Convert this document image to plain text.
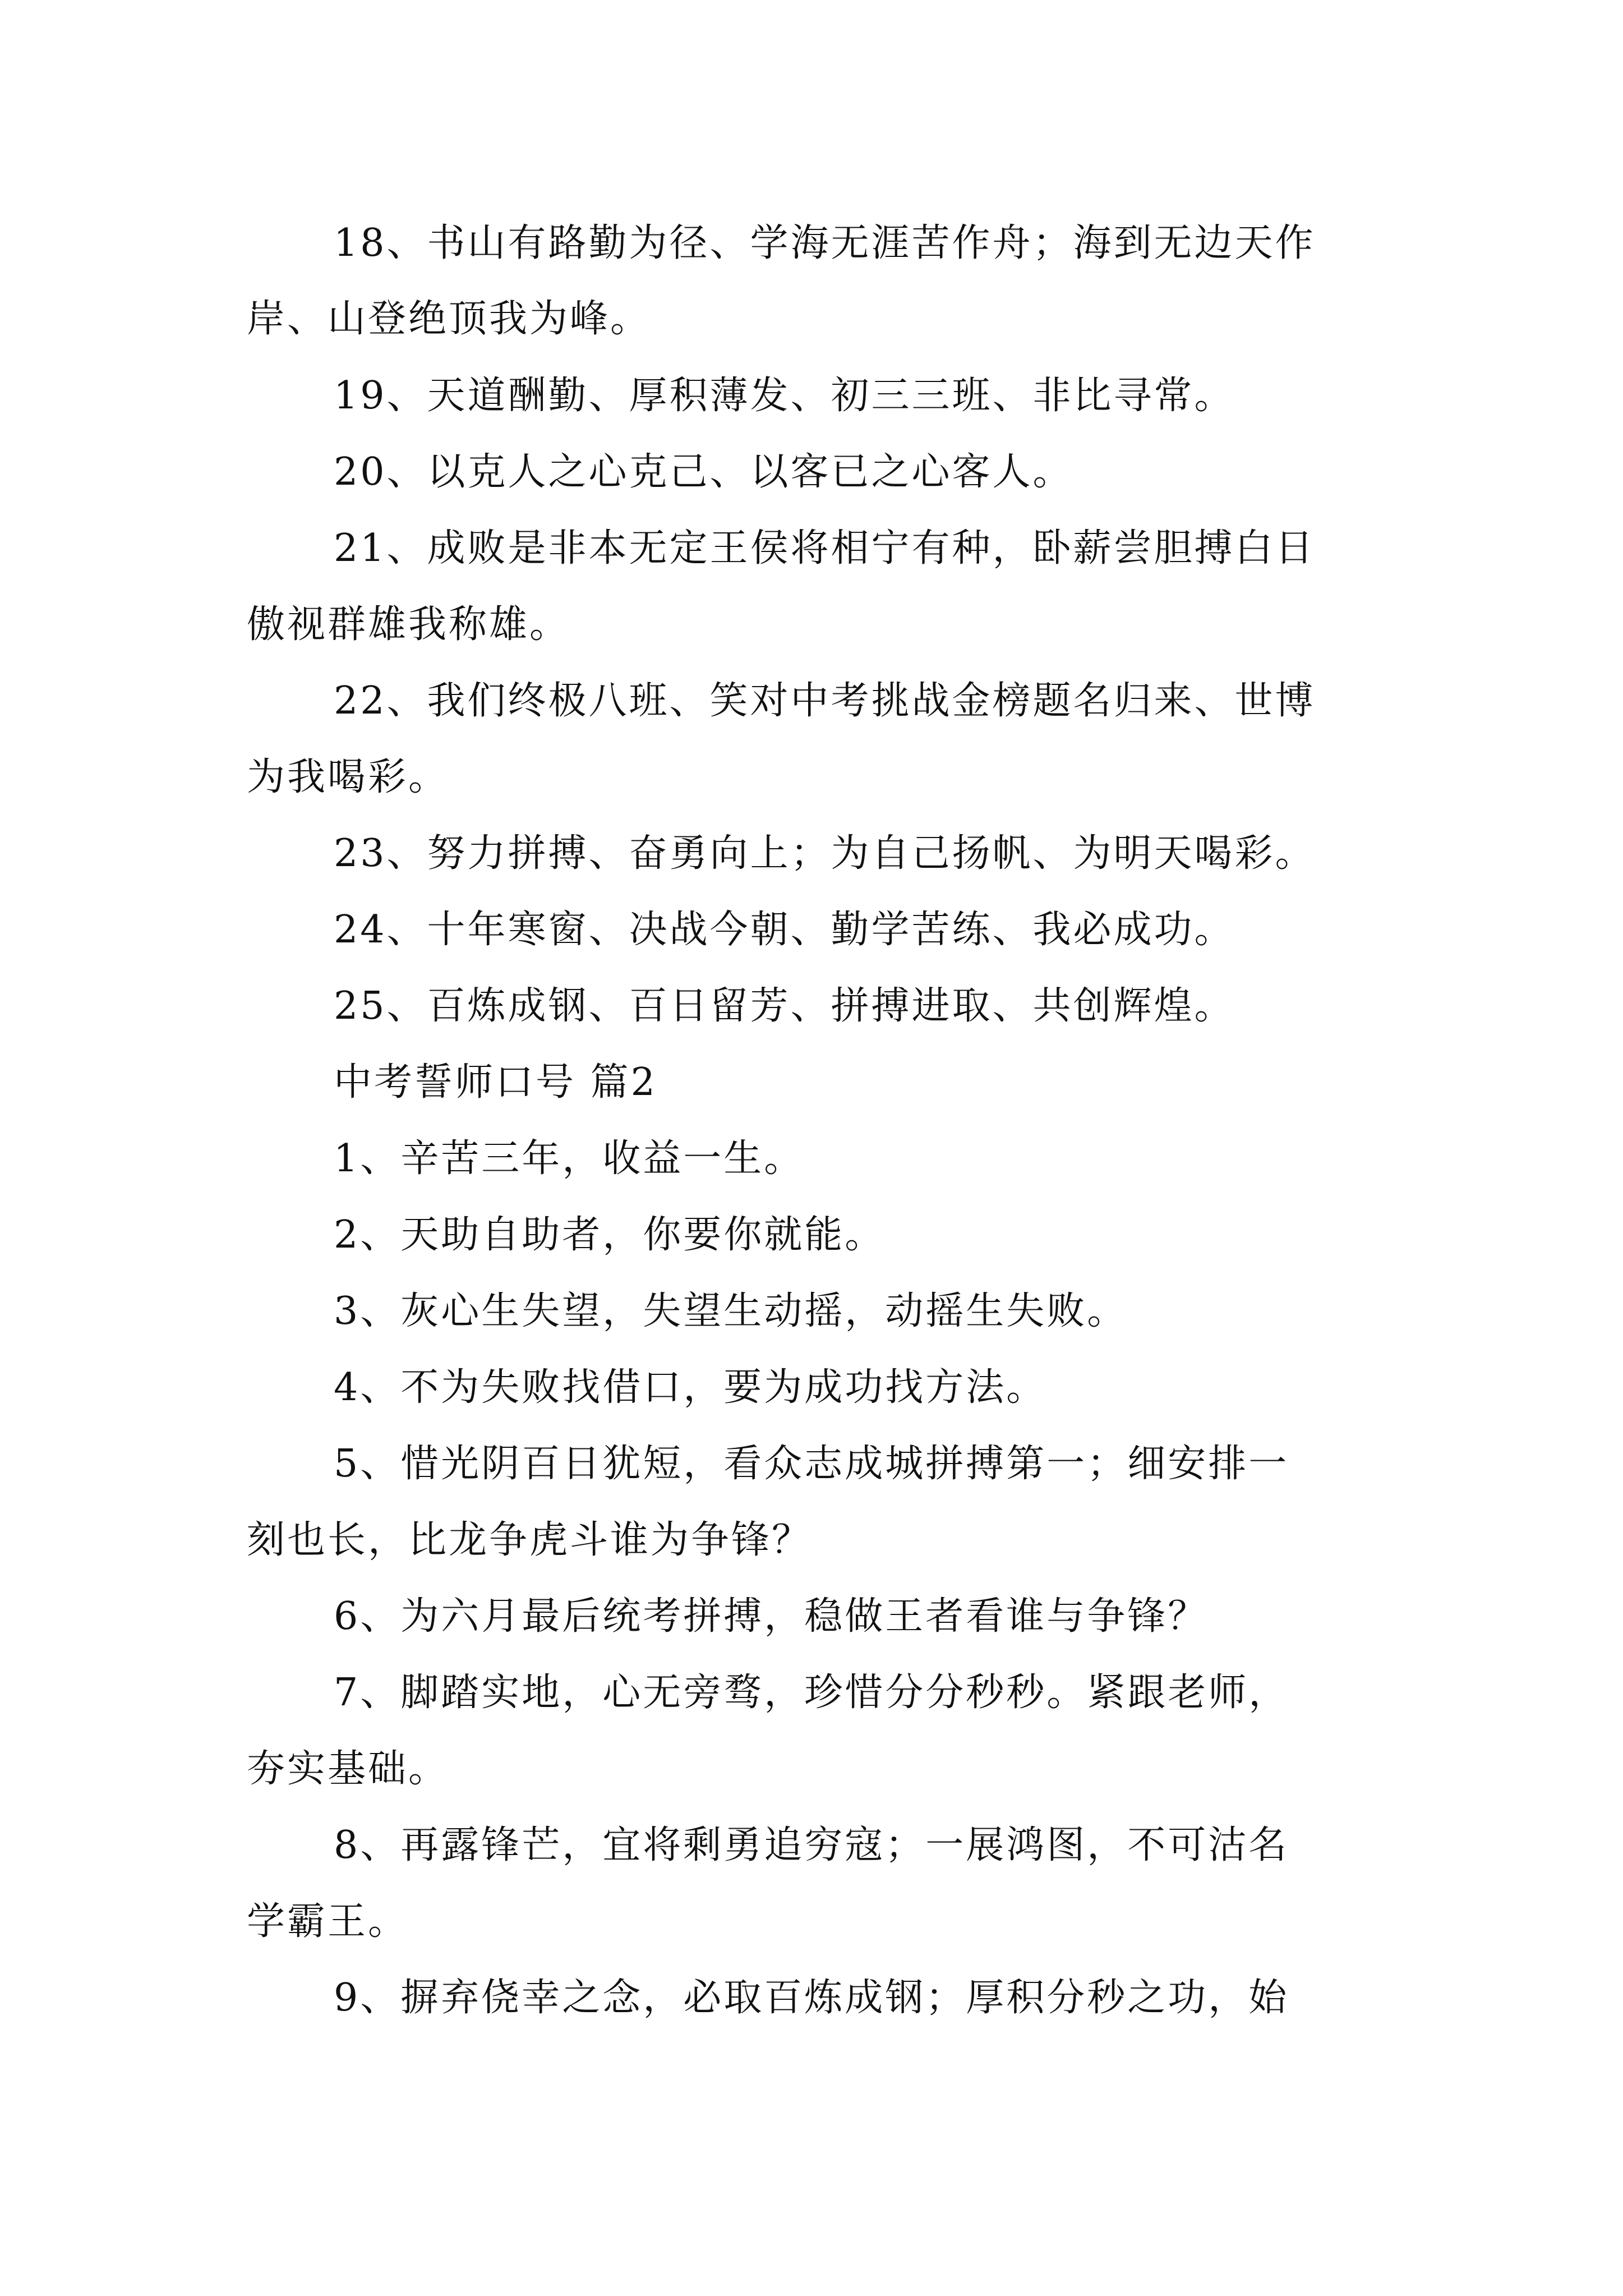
18、书山有路勤为径、学海无涯苦作舟；海到无边天作
岸、山登绝顶我为峰。
19、天道酬勤、厚积薄发、初三三班、非比寻常。
20、以克人之心克己、以客已之心客人。
21、成败是非本无定王侯将相宁有种，卧薪尝胆搏白日
傲视群雄我称雄。
22、我们终极八班、笑对中考挑战金榜题名归来、世博
为我喝彩。
23、努力拼搏、奋勇向上；为自己扬帆、为明天喝彩。
24、十年寒窗、决战今朝、勤学苦练、我必成功。
25、百炼成钢、百日留芳、拼搏进取、共创辉煌。
中考誓师口号 篇2
1、辛苦三年，收益一生。
2、天助自助者，你要你就能。
3、灰心生失望，失望生动摇，动摇生失败。
4、不为失败找借口，要为成功找方法。
5、惜光阴百日犹短，看众志成城拼搏第一；细安排一
刻也长，比龙争虎斗谁为争锋？
6、为六月最后统考拼搏，稳做王者看谁与争锋？
7、脚踏实地，心无旁骛，珍惜分分秒秒。紧跟老师，
夯实基础。
8、再露锋芒，宜将剩勇追穷寇；一展鸿图，不可沽名
学霸王。
9、摒弃侥幸之念，必取百炼成钢；厚积分秒之功，始
